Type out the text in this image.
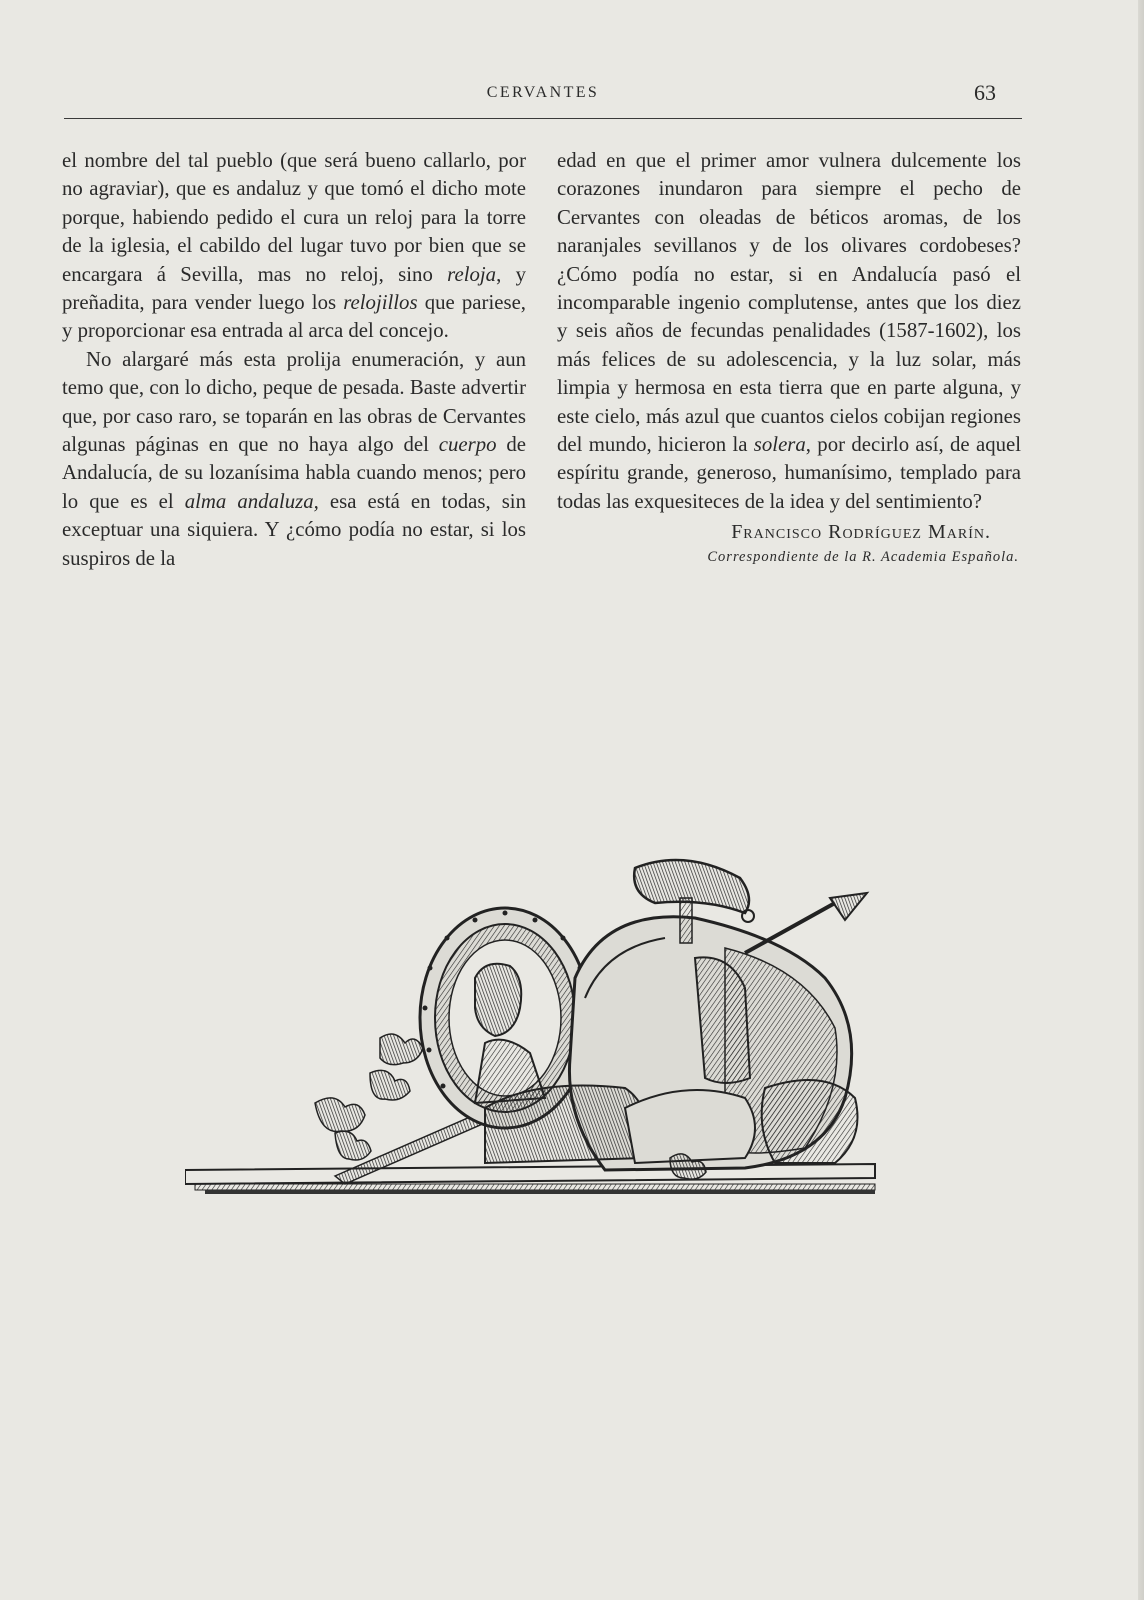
CERVANTES	63

el nombre del tal pueblo (que será bueno callarlo, por no agraviar), que es andaluz y que tomó el dicho mote porque, habiendo pedido el cura un reloj para la torre de la iglesia, el cabildo del lugar tuvo por bien que se encargara á Sevilla, mas no reloj, sino reloja, y preñadita, para vender luego los relojillos que pariese, y proporcionar esa entrada al arca del concejo.

No alargaré más esta prolija enumeración, y aun temo que, con lo dicho, peque de pesada. Baste advertir que, por caso raro, se toparán en las obras de Cervantes algunas páginas en que no haya algo del cuerpo de Andalucía, de su lozanísima habla cuando menos; pero lo que es el alma andaluza, esa está en todas, sin exceptuar una siquiera. Y ¿cómo podía no estar, si los suspiros de la

edad en que el primer amor vulnera dulcemente los corazones inundaron para siempre el pecho de Cervantes con oleadas de béticos aromas, de los naranjales sevillanos y de los olivares cordobeses? ¿Cómo podía no estar, si en Andalucía pasó el incomparable ingenio complutense, antes que los diez y seis años de fecundas penalidades (1587-1602), los más felices de su adolescencia, y la luz solar, más limpia y hermosa en esta tierra que en parte alguna, y este cielo, más azul que cuantos cielos cobijan regiones del mundo, hicieron la solera, por decirlo así, de aquel espíritu grande, generoso, humanísimo, templado para todas las exquesiteces de la idea y del sentimiento?

Francisco Rodríguez Marín.
Correspondiente de la R. Academia Española.
